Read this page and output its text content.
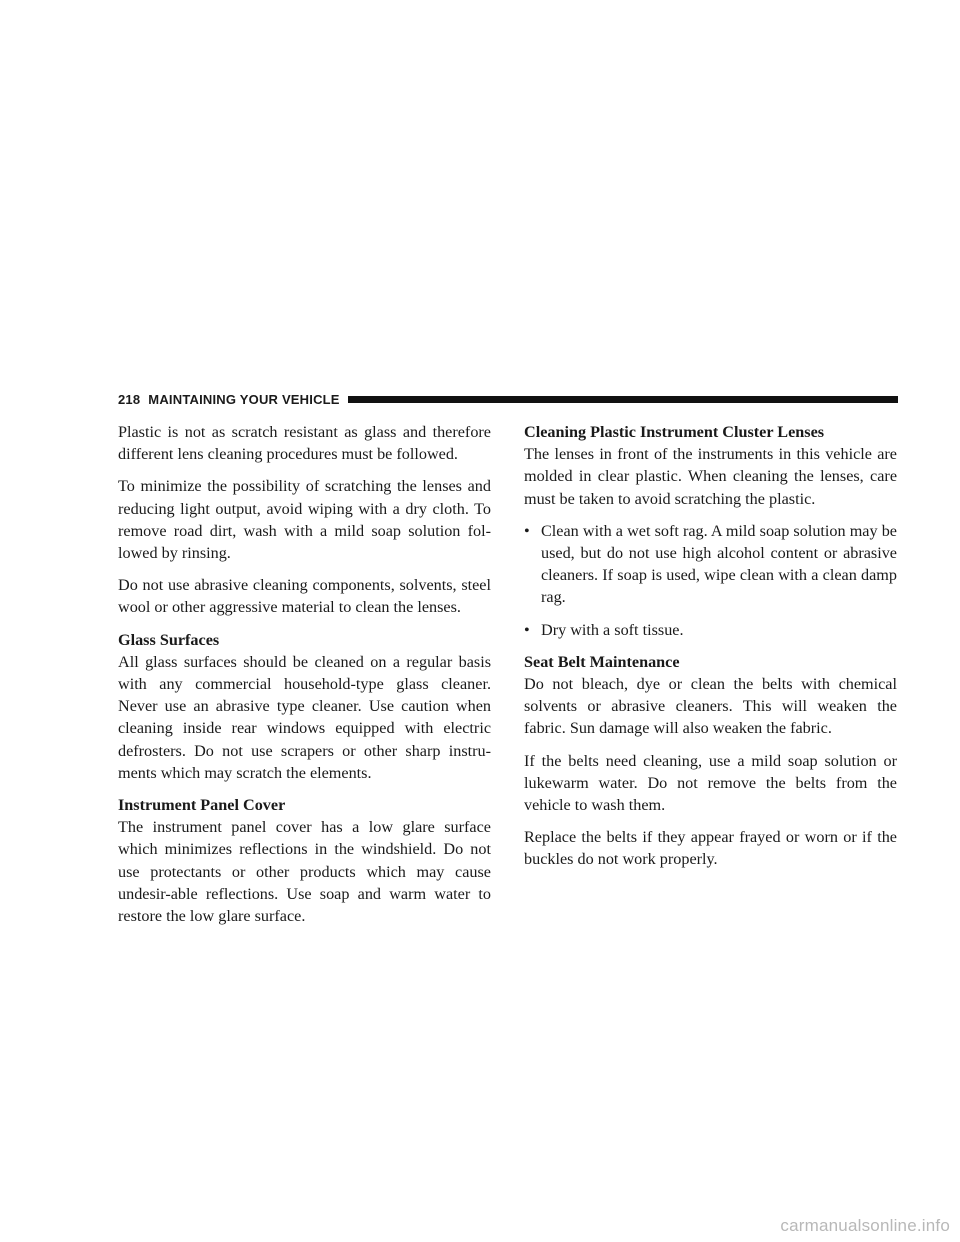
218 MAINTAINING YOUR VEHICLE

Plastic is not as scratch resistant as glass and therefore different lens cleaning procedures must be followed.

To minimize the possibility of scratching the lenses and reducing light output, avoid wiping with a dry cloth. To remove road dirt, wash with a mild soap solution fol-lowed by rinsing.

Do not use abrasive cleaning components, solvents, steel wool or other aggressive material to clean the lenses.

Glass Surfaces

All glass surfaces should be cleaned on a regular basis with any commercial household-type glass cleaner. Never use an abrasive type cleaner. Use caution when cleaning inside rear windows equipped with electric defrosters. Do not use scrapers or other sharp instru-ments which may scratch the elements.

Instrument Panel Cover

The instrument panel cover has a low glare surface which minimizes reflections in the windshield. Do not use protectants or other products which may cause undesir-able reflections. Use soap and warm water to restore the low glare surface.

Cleaning Plastic Instrument Cluster Lenses

The lenses in front of the instruments in this vehicle are molded in clear plastic. When cleaning the lenses, care must be taken to avoid scratching the plastic.

• Clean with a wet soft rag. A mild soap solution may be used, but do not use high alcohol content or abrasive cleaners. If soap is used, wipe clean with a clean damp rag.
• Dry with a soft tissue.
Seat Belt Maintenance

Do not bleach, dye or clean the belts with chemical solvents or abrasive cleaners. This will weaken the fabric. Sun damage will also weaken the fabric.

If the belts need cleaning, use a mild soap solution or lukewarm water. Do not remove the belts from the vehicle to wash them.

Replace the belts if they appear frayed or worn or if the buckles do not work properly.

carmanualsonline.info
